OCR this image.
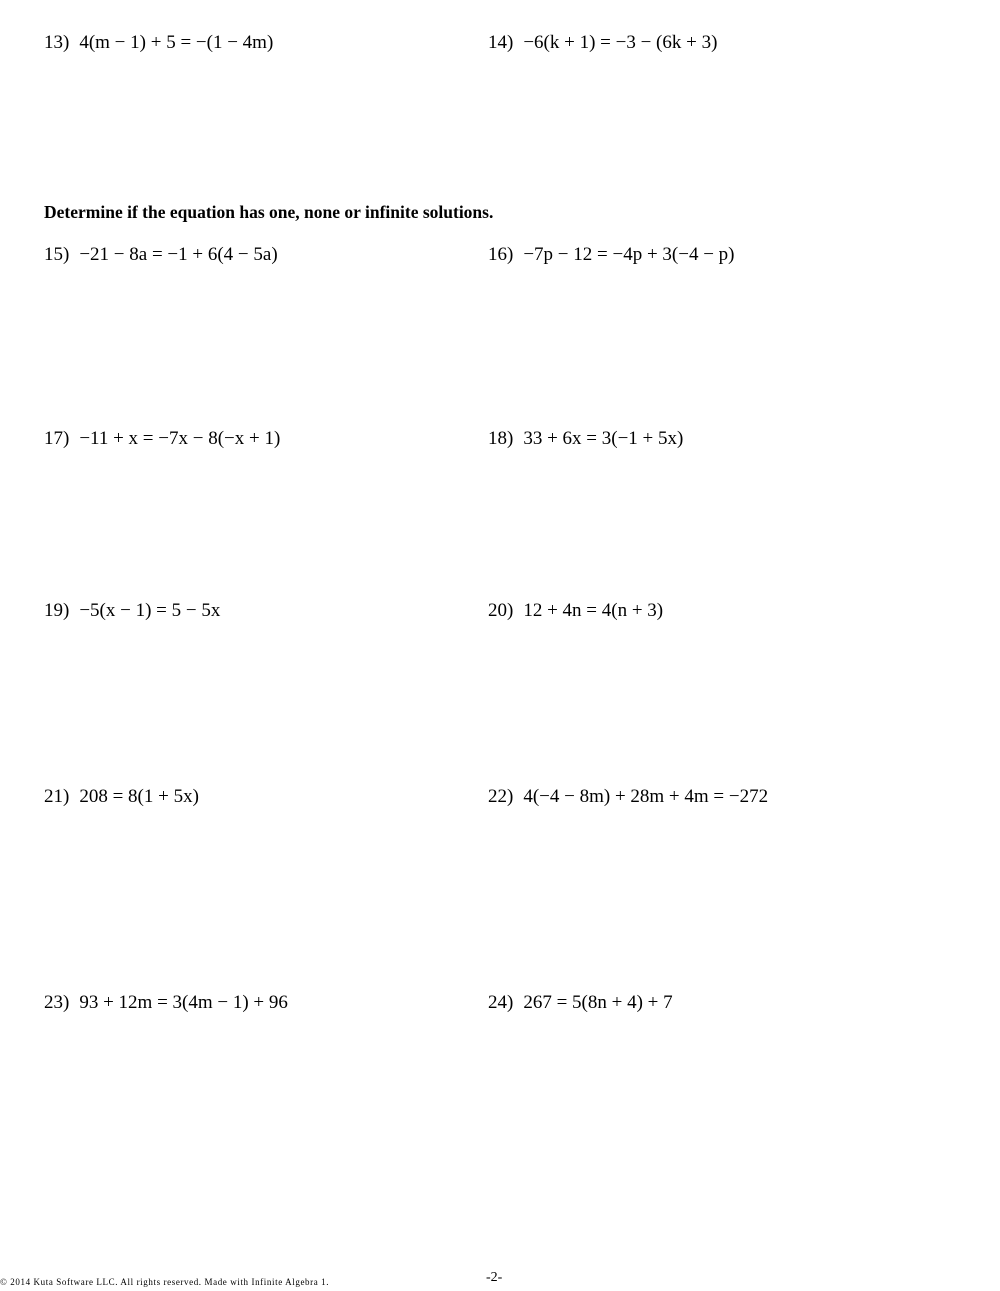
13) 4(m − 1) + 5 = −(1 − 4m)	14) −6(k + 1) = −3 − (6k + 3)
Determine if the equation has one, none or infinite solutions.
15) −21 − 8a = −1 + 6(4 − 5a)	16) −7p − 12 = −4p + 3(−4 − p)
17) −11 + x = −7x − 8(−x + 1)	18) 33 + 6x = 3(−1 + 5x)
19) −5(x − 1) = 5 − 5x	20) 12 + 4n = 4(n + 3)
21) 208 = 8(1 + 5x)	22) 4(−4 − 8m) + 28m + 4m = −272
23) 93 + 12m = 3(4m − 1) + 96	24) 267 = 5(8n + 4) + 7
© 2014 Kuta Software LLC. All rights reserved. Made with Infinite Algebra 1.	-2-
